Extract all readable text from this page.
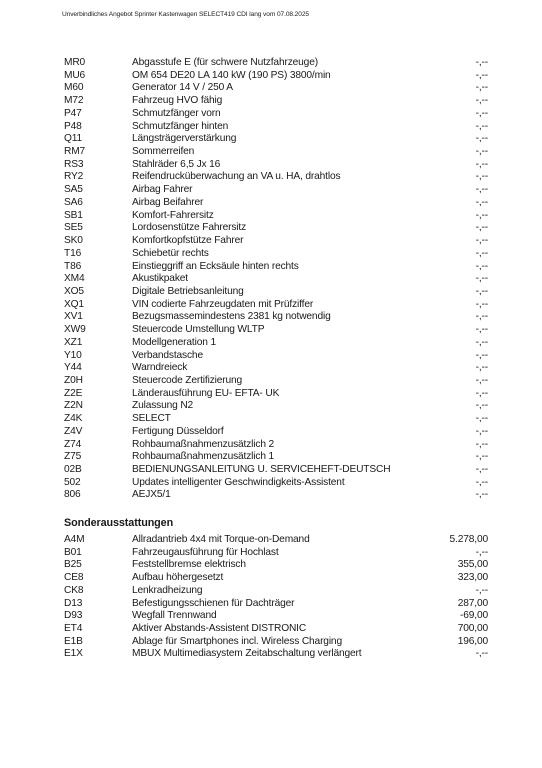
Unverbindliches Angebot Sprinter Kastenwagen SELECT419 CDI lang vom 07.08.2025
MR0	Abgasstufe E (für schwere Nutzfahrzeuge)	-,--
MU6	OM 654 DE20 LA 140 kW (190 PS) 3800/min	-,--
M60	Generator 14 V / 250 A	-,--
M72	Fahrzeug HVO fähig	-,--
P47	Schmutzfänger vorn	-,--
P48	Schmutzfänger hinten	-,--
Q11	Längsträgerverstärkung	-,--
RM7	Sommerreifen	-,--
RS3	Stahlräder 6,5 Jx 16	-,--
RY2	Reifendrucküberwachung an VA u. HA, drahtlos	-,--
SA5	Airbag Fahrer	-,--
SA6	Airbag Beifahrer	-,--
SB1	Komfort-Fahrersitz	-,--
SE5	Lordosenstütze Fahrersitz	-,--
SK0	Komfortkopfstütze Fahrer	-,--
T16	Schiebetür rechts	-,--
T86	Einstieggriff an Ecksäule hinten rechts	-,--
XM4	Akustikpaket	-,--
XO5	Digitale Betriebsanleitung	-,--
XQ1	VIN codierte Fahrzeugdaten mit Prüfziffer	-,--
XV1	Bezugsmassemindestens 2381 kg notwendig	-,--
XW9	Steuercode Umstellung WLTP	-,--
XZ1	Modellgeneration 1	-,--
Y10	Verbandstasche	-,--
Y44	Warndreieck	-,--
Z0H	Steuercode Zertifizierung	-,--
Z2E	Länderausführung EU- EFTA- UK	-,--
Z2N	Zulassung N2	-,--
Z4K	SELECT	-,--
Z4V	Fertigung Düsseldorf	-,--
Z74	Rohbaumaßnahmenzusätzlich 2	-,--
Z75	Rohbaumaßnahmenzusätzlich 1	-,--
02B	BEDIENUNGSANLEITUNG U. SERVICEHEFT-DEUTSCH	-,--
502	Updates intelligenter Geschwindigkeits-Assistent	-,--
806	AEJX5/1	-,--
Sonderausstattungen
A4M	Allradantrieb 4x4 mit Torque-on-Demand	5.278,00
B01	Fahrzeugausführung für Hochlast	-,--
B25	Feststellbremse elektrisch	355,00
CE8	Aufbau höhergesetzt	323,00
CK8	Lenkradheizung	-,--
D13	Befestigungsschienen für Dachträger	287,00
D93	Wegfall Trennwand	-69,00
ET4	Aktiver Abstands-Assistent DISTRONIC	700,00
E1B	Ablage für Smartphones incl. Wireless Charging	196,00
E1X	MBUX Multimediasystem Zeitabschaltung verlängert	-,--
